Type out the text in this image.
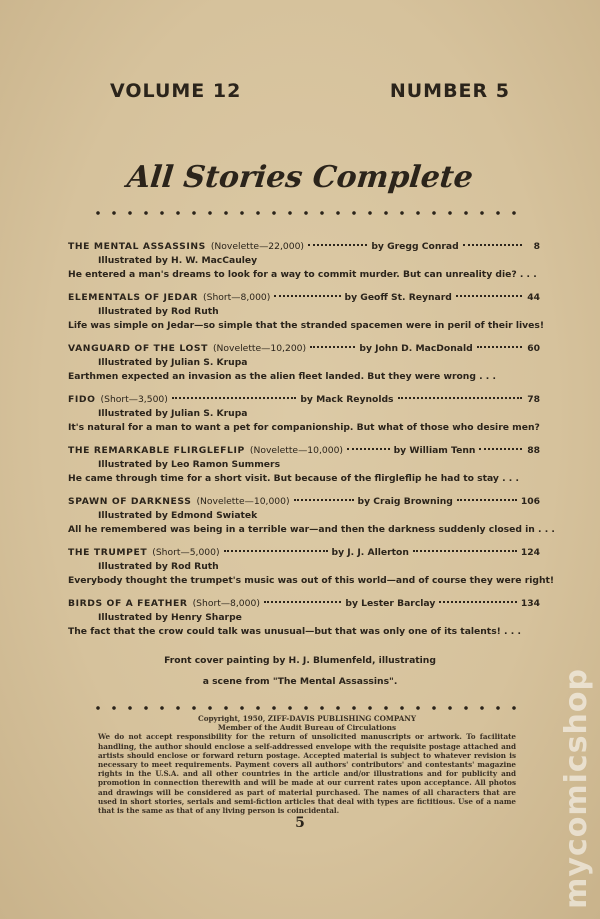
VOLUME 12	NUMBER 5
All Stories Complete
THE MENTAL ASSASSINS (Novelette—22,000)	by Gregg Conrad	8
Illustrated by H. W. MacCauley
He entered a man's dreams to look for a way to commit murder. But can unreality die? . . .
ELEMENTALS OF JEDAR (Short—8,000)	by Geoff St. Reynard	44
Illustrated by Rod Ruth
Life was simple on Jedar—so simple that the stranded spacemen were in peril of their lives!
VANGUARD OF THE LOST (Novelette—10,200)	by John D. MacDonald	60
Illustrated by Julian S. Krupa
Earthmen expected an invasion as the alien fleet landed. But they were wrong . . .
FIDO (Short—3,500)	by Mack Reynolds	78
Illustrated by Julian S. Krupa
It's natural for a man to want a pet for companionship. But what of those who desire men?
THE REMARKABLE FLIRGLEFLIP (Novelette—10,000)	by William Tenn	88
Illustrated by Leo Ramon Summers
He came through time for a short visit. But because of the flirgleflip he had to stay . . .
SPAWN OF DARKNESS (Novelette—10,000)	by Craig Browning	106
Illustrated by Edmond Swiatek
All he remembered was being in a terrible war—and then the darkness suddenly closed in . . .
THE TRUMPET (Short—5,000)	by J. J. Allerton	124
Illustrated by Rod Ruth
Everybody thought the trumpet's music was out of this world—and of course they were right!
BIRDS OF A FEATHER (Short—8,000)	by Lester Barclay	134
Illustrated by Henry Sharpe
The fact that the crow could talk was unusual—but that was only one of its talents! . . .
Front cover painting by H. J. Blumenfeld, illustrating
a scene from "The Mental Assassins".
Copyright, 1950, ZIFF-DAVIS PUBLISHING COMPANY
Member of the Audit Bureau of Circulations
We do not accept responsibility for the return of unsolicited manuscripts or artwork. To facilitate handling, the author should enclose a self-addressed envelope with the requisite postage attached and artists should enclose or forward return postage. Accepted material is subject to whatever revision is necessary to meet requirements. Payment covers all authors' contributors' and contestants' magazine rights in the U.S.A. and all other countries in the article and/or illustrations and for publicity and promotion in connection therewith and will be made at our current rates upon acceptance. All photos and drawings will be considered as part of material purchased. The names of all characters that are used in short stories, serials and semi-fiction articles that deal with types are fictitious. Use of a name that is the same as that of any living person is coincidental.
5	mycomicshop
